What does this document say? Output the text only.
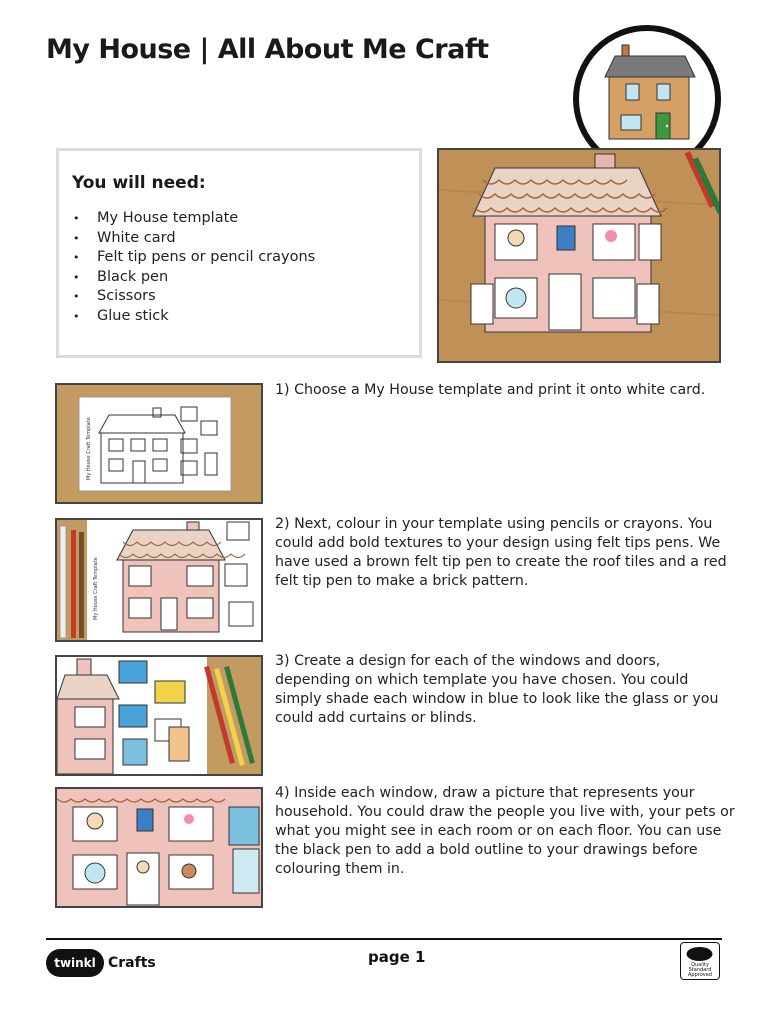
My House | All About Me Craft
You will need:
• My House template
• White card
• Felt tip pens or pencil crayons
• Black pen
• Scissors
• Glue stick
My House Craft Template

1) Choose a My House template and print it onto white card.

My House Craft Template

2) Next, colour in your template using pencils or crayons. You could add bold textures to your design using felt tips pens. We have used a brown felt tip pen to create the roof tiles and a red felt tip pen to make a brick pattern.

3) Create a design for each of the windows and doors, depending on which template you have chosen. You could simply shade each window in blue to look like the glass or you could add curtains or blinds.

4) Inside each window, draw a picture that represents your household. You could draw the people you live with, your pets or what you might see in each room or on each floor. You can use the black pen to add a bold outline to your drawings before colouring them in.

twinkl Crafts	page 1	Quality Standard Approved
